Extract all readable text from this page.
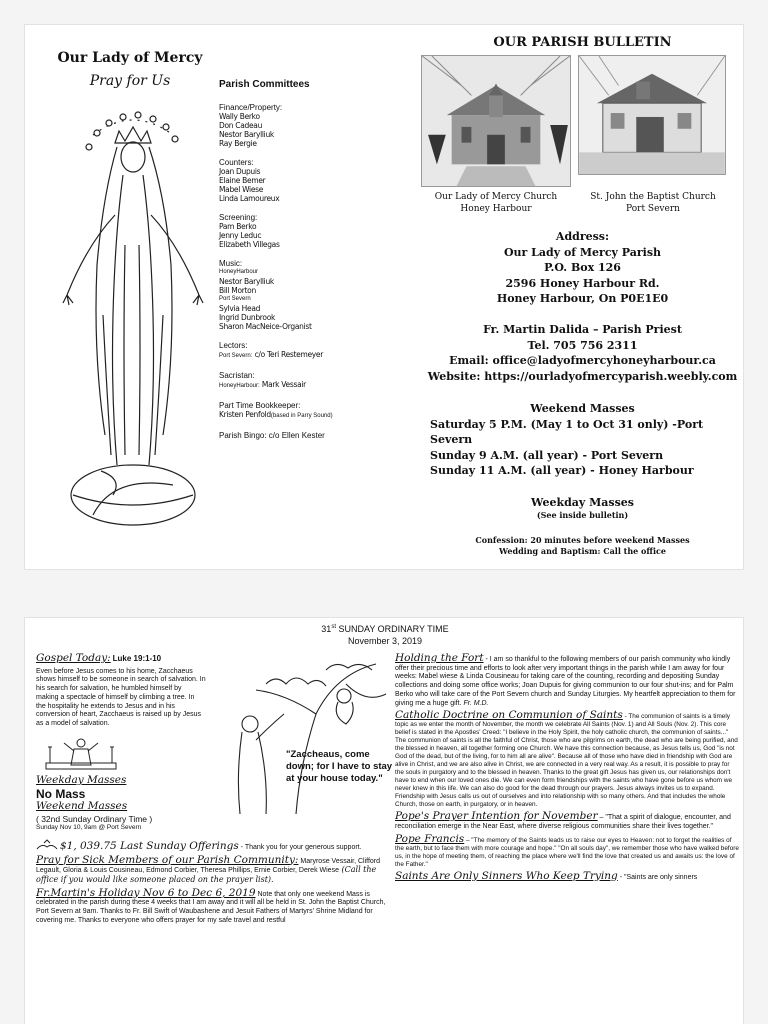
Our Lady of Mercy
Pray for Us	Parish Committees
Finance/Property:
Wally Berko
Don Cadeau
Nestor Barylliuk
Ray Bergie
Counters:
Joan Dupuis
Elaine Bemer
Mabel Wiese
Linda Lamoureux
Screening:
Pam Berko
Jenny Leduc
Elizabeth Villegas
Music:
HoneyHarbour
Nestor Barylliuk
Bill Morton
Port Severn
Sylvia Head
Ingrid Dunbrook
Sharon MacNeice-Organist
Lectors:
Port Severn: c/o Teri Restemeyer
Sacristan:
HoneyHarbour: Mark Vessair
Part Time Bookkeeper:
Kristen Penfold(based in Parry Sound)
Parish Bingo: c/o Ellen Kester
OUR PARISH BULLETIN
Our Lady of Mercy Church
Honey Harbour
St. John the Baptist Church
Port Severn
Address:
Our Lady of Mercy Parish
P.O. Box 126
2596 Honey Harbour Rd.
Honey Harbour, On P0E1E0
Fr. Martin Dalida – Parish Priest
Tel. 705 756 2311
Email: office@ladyofmercyhoneyharbour.ca
Website: https://ourladyofmercyparish.weebly.com
Weekend Masses
Saturday 5 P.M. (May 1 to Oct 31 only) -Port Severn
Sunday 9 A.M. (all year) - Port Severn
Sunday 11 A.M. (all year) - Honey Harbour
Weekday Masses
(See inside bulletin)
Confession: 20 minutes before weekend Masses
Wedding and Baptism: Call the office
31st SUNDAY ORDINARY TIME
November 3, 2019
"Zaccheaus, come down; for I have to stay at your house today."
Gospel Today: Luke 19:1-10
Even before Jesus comes to his home, Zacchaeus shows himself to be someone in search of salvation. In his search for salvation, he humbled himself by making a spectacle of himself by climbing a tree. In the hospitality he extends to Jesus and in his conversion of heart, Zacchaeus is raised up by Jesus as a model of salvation.
Weekday Masses
No Mass
Weekend Masses
( 32nd Sunday Ordinary Time )
Sunday Nov 10, 9am @ Port Severn
$1, 039.75 Last Sunday Offerings - Thank you for your generous support.
Pray for Sick Members of our Parish Community: Maryrose Vessair, Clifford Legault, Gloria & Louis Cousineau, Edmond Corbier, Theresa Phillips, Ernie Corbier, Derek Wiese (Call the office if you would like someone placed on the prayer list).
Fr.Martin's Holiday Nov 6 to Dec 6, 2019 Note that only one weekend Mass is celebrated in the parish during these 4 weeks that I am away and it will all be held in St. John the Baptist Church, Port Severn at 9am. Thanks to Fr. Bill Swift of Waubashene and Jesuit Fathers of Martyrs' Shrine Midland for covering me. Thanks to everyone who offers prayer for my safe travel and restful
Holding the Fort - I am so thankful to the following members of our parish community who kindly offer their precious time and efforts to look after very important things in the parish while I am away for four weeks: Mabel wiese & Linda Cousineau for taking care of the counting, recording and depositing Sunday collections and doing some office works; Joan Dupuis for giving communion to our four shut-ins; and for Palm Berko who will take care of the Port Severn church and Sunday Liturgies. My heartfelt appreciation to them for giving me a huge gift. Fr. M.D.
Catholic Doctrine on Communion of Saints - The communion of saints is a timely topic as we enter the month of November, the month we celebrate All Saints (Nov. 1) and All Souls (Nov. 2). This core belief is stated in the Apostles' Creed: "I believe in the Holy Spirit, the holy catholic church, the communion of saints..." The communion of saints is all the faithful of Christ, those who are pilgrims on earth, the dead who are being purified, and the blessed in heaven, all together forming one Church. We have this connection because, as Jesus tells us, God "is not God of the dead, but of the living, for to him all are alive". Because all of those who have died in friendship with God are alive in Christ, and we are also alive in Christ, we are connected in a very real way. As a result, it is possible to pray for the souls in purgatory and to the blessed in heaven. Thanks to the great gift Jesus has given us, our relationships don't have to end when our loved ones die. We can even form friendships with the saints who have gone before us whom we never knew in this life. We can also do good for the dead through our prayers. Jesus always invites us to expand. Friendship with Jesus calls us out of ourselves and into relationship with so many others. And that includes the whole Church, those on earth, in purgatory, or in heaven.
Pope's Prayer Intention for November – "That a spirit of dialogue, encounter, and reconciliation emerge in the Near East, where diverse religious communities share their lives together."
Pope Francis – "The memory of the Saints leads us to raise our eyes to Heaven: not to forget the realities of the earth, but to face them with more courage and hope." "On all souls day", we remember those who have walked before us, in the hope of meeting them, of reaching the place where we'll find the love that created us and awaits us: the love of the Father."
Saints Are Only Sinners Who Keep Trying - "Saints are only sinners
